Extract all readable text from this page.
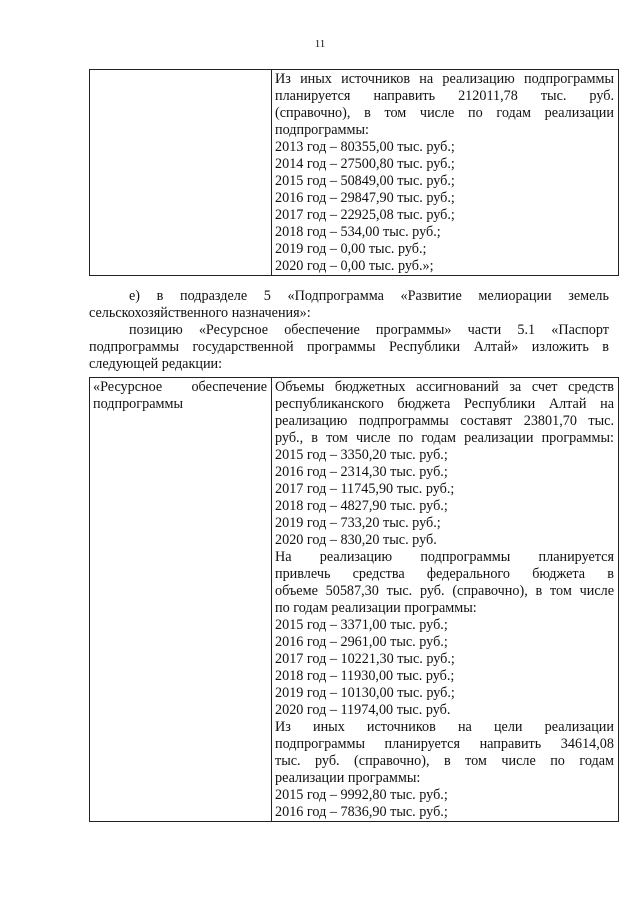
11

Из иных источников на реализацию подпрограммы
планируется направить 212011,78 тыс. руб.
(справочно), в том числе по годам реализации
подпрограммы:
2013 год – 80355,00 тыс. руб.;
2014 год – 27500,80 тыс. руб.;
2015 год – 50849,00 тыс. руб.;
2016 год – 29847,90 тыс. руб.;
2017 год – 22925,08 тыс. руб.;
2018 год – 534,00 тыс. руб.;
2019 год – 0,00 тыс. руб.;
2020 год – 0,00 тыс. руб.»;
е) в подразделе 5 «Подпрограмма «Развитие мелиорации земель
сельскохозяйственного назначения»:
позицию «Ресурсное обеспечение программы» части 5.1 «Паспорт
подпрограммы государственной программы Республики Алтай» изложить в
следующей редакции:
«Ресурсное обеспечение
подпрограммы

Объемы бюджетных ассигнований за счет средств
республиканского бюджета Республики Алтай на
реализацию подпрограммы составят 23801,70 тыс.
руб., в том числе по годам реализации программы:
2015 год – 3350,20 тыс. руб.;
2016 год – 2314,30 тыс. руб.;
2017 год – 11745,90 тыс. руб.;
2018 год – 4827,90 тыс. руб.;
2019 год – 733,20 тыс. руб.;
2020 год – 830,20 тыс. руб.
На реализацию подпрограммы планируется
привлечь средства федерального бюджета в
объеме 50587,30 тыс. руб. (справочно), в том числе
по годам реализации программы:
2015 год – 3371,00 тыс. руб.;
2016 год – 2961,00 тыс. руб.;
2017 год – 10221,30 тыс. руб.;
2018 год – 11930,00 тыс. руб.;
2019 год – 10130,00 тыс. руб.;
2020 год – 11974,00 тыс. руб.
Из иных источников на цели реализации
подпрограммы планируется направить 34614,08
тыс. руб. (справочно), в том числе по годам
реализации программы:
2015 год – 9992,80 тыс. руб.;
2016 год – 7836,90 тыс. руб.;
